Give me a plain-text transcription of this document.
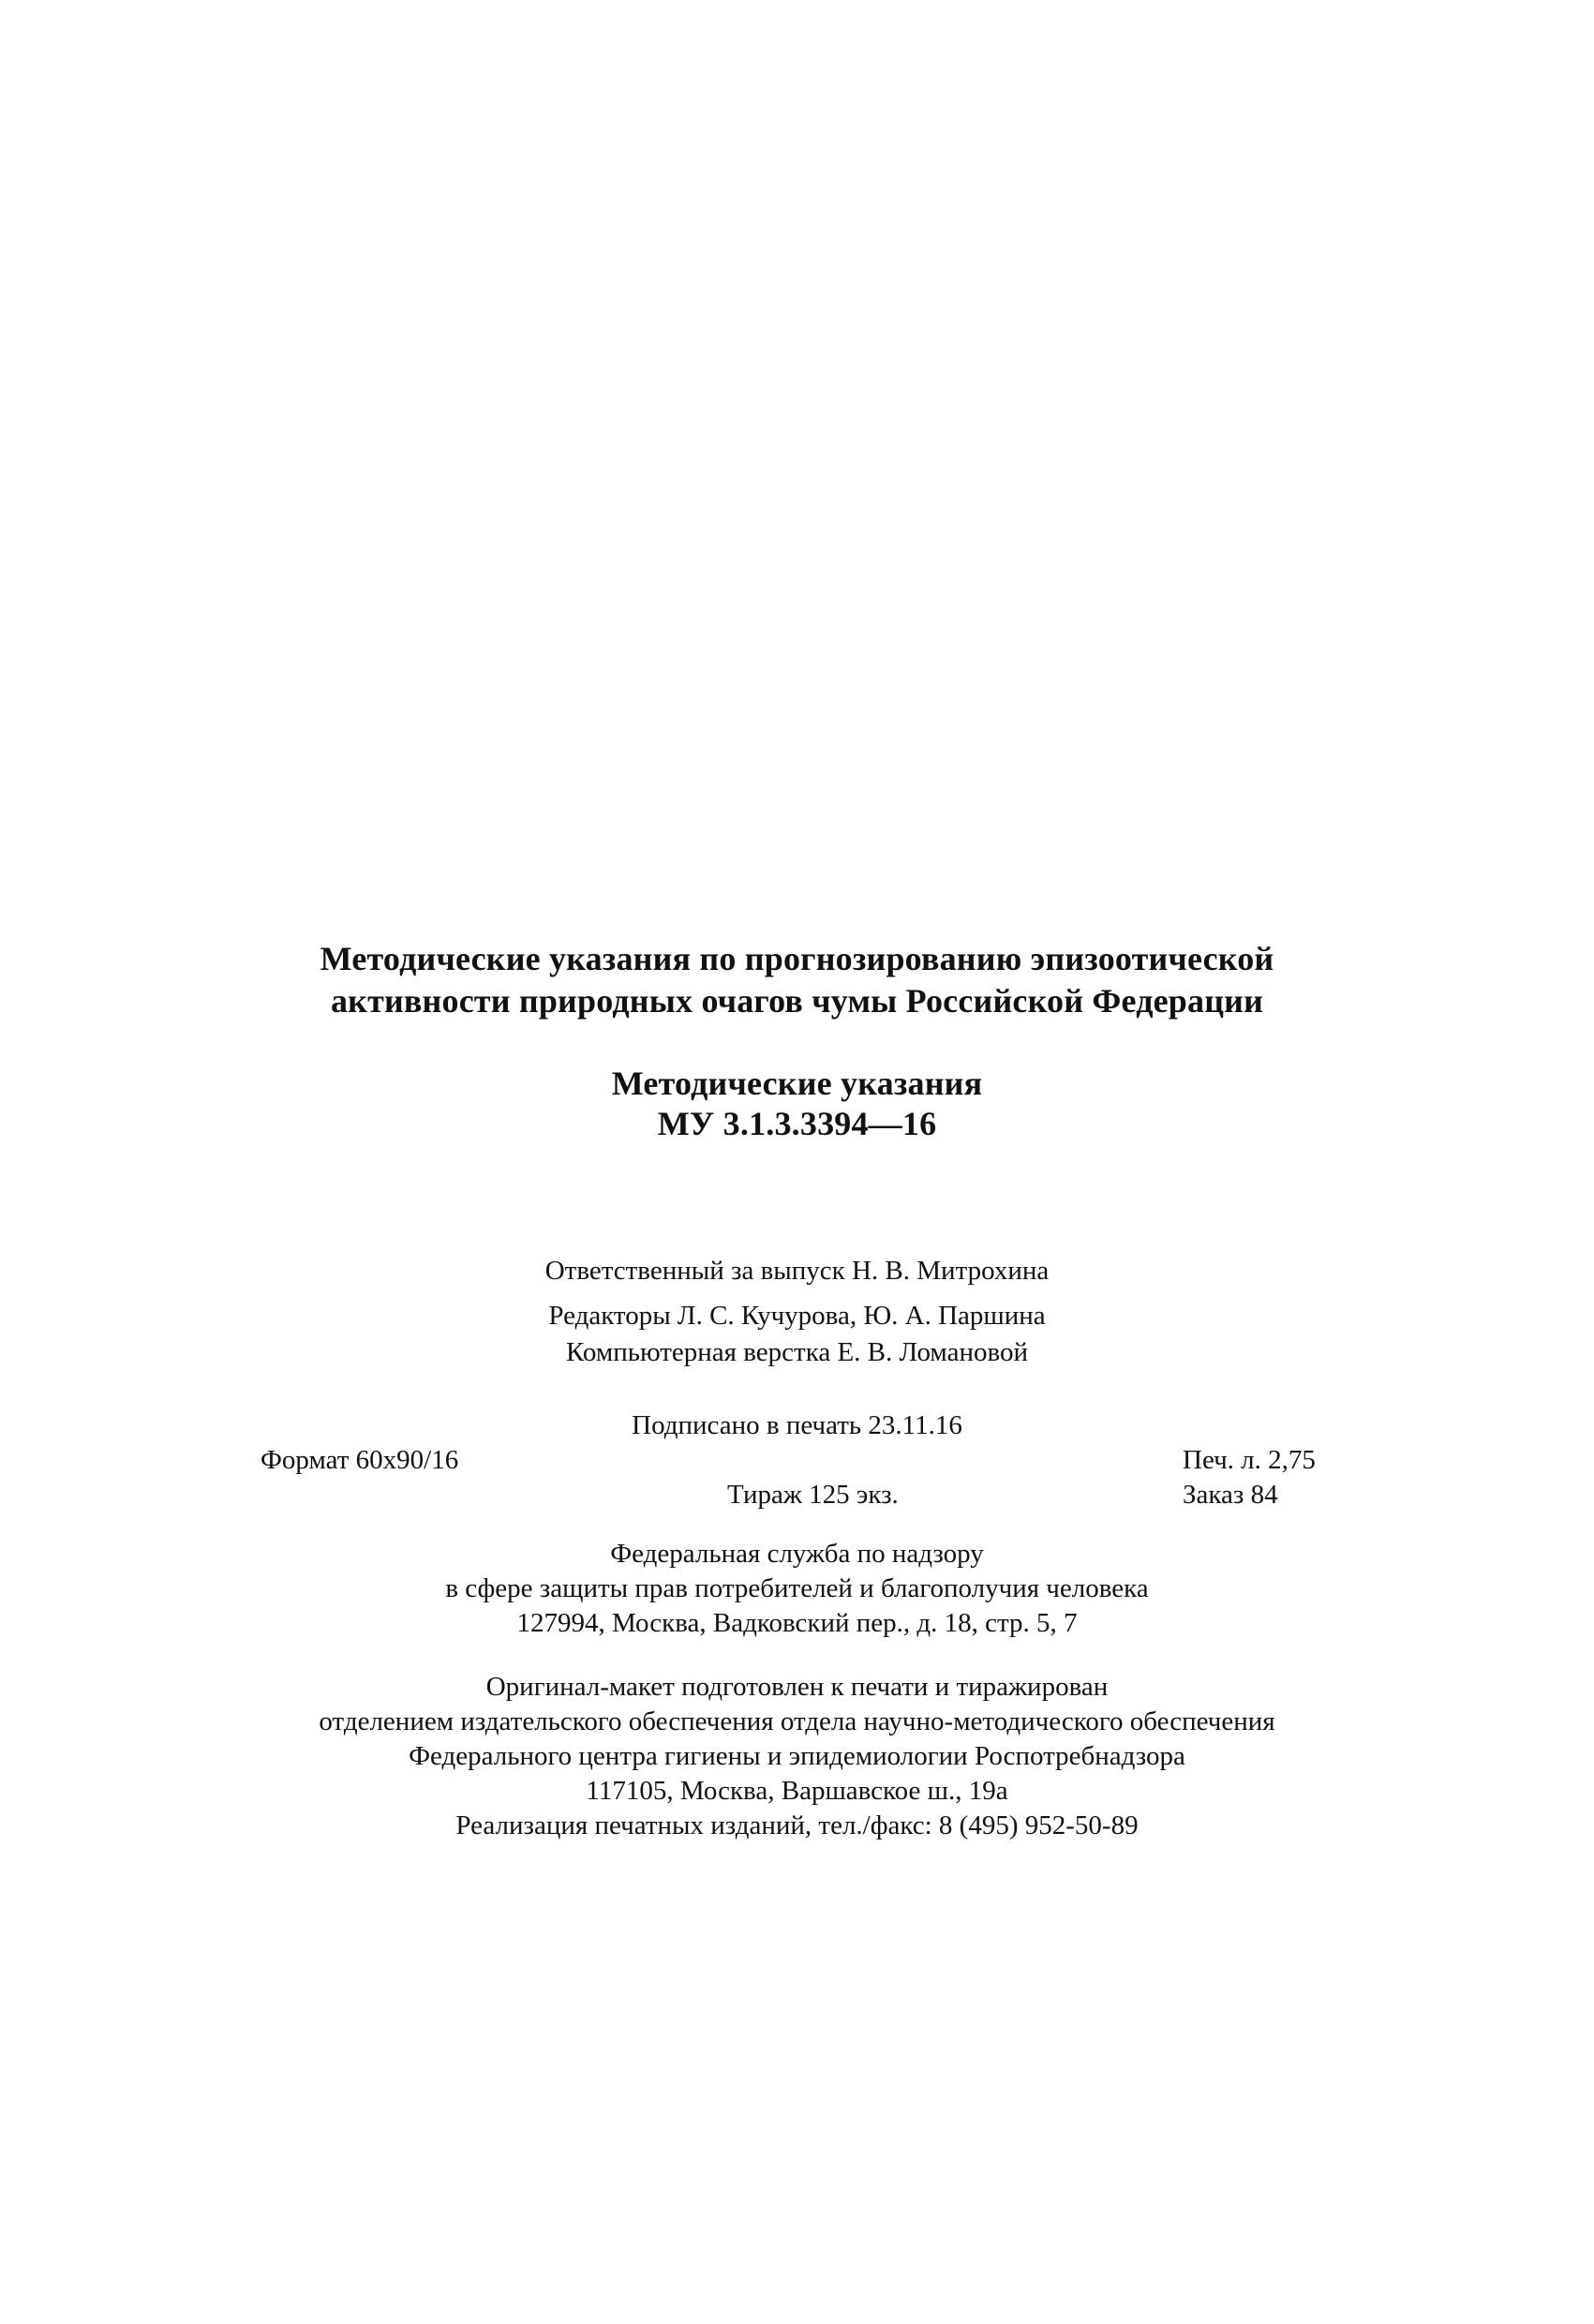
Методические указания по прогнозированию эпизоотической
активности природных очагов чумы Российской Федерации
Методические указания
МУ 3.1.3.3394—16
Ответственный за выпуск Н. В. Митрохина
Редакторы Л. С. Кучурова, Ю. А. Паршина
Компьютерная верстка Е. В. Ломановой
Подписано в печать 23.11.16
Формат 60х90/16	Печ. л. 2,75
Тираж 125 экз.	Заказ 84
Федеральная служба по надзору
в сфере защиты прав потребителей и благополучия человека
127994, Москва, Вадковский пер., д. 18, стр. 5, 7
Оригинал-макет подготовлен к печати и тиражирован
отделением издательского обеспечения отдела научно-методического обеспечения
Федерального центра гигиены и эпидемиологии Роспотребнадзора
117105, Москва, Варшавское ш., 19а
Реализация печатных изданий, тел./факс: 8 (495) 952-50-89
